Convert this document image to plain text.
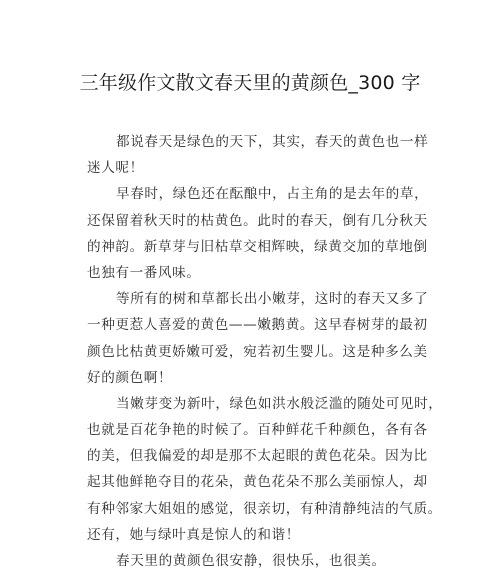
三年级作文散文春天里的黄颜色_300 字
都说春天是绿色的天下，其实，春天的黄色也一样
迷人呢！
早春时，绿色还在酝酿中，占主角的是去年的草，
还保留着秋天时的枯黄色。此时的春天，倒有几分秋天
的神韵。新草芽与旧枯草交相辉映，绿黄交加的草地倒
也独有一番风味。
等所有的树和草都长出小嫩芽，这时的春天又多了
一种更惹人喜爱的黄色——嫩鹅黄。这早春树芽的最初
颜色比枯黄更娇嫩可爱，宛若初生婴儿。这是种多么美
好的颜色啊！
当嫩芽变为新叶，绿色如洪水般泛滥的随处可见时，
也就是百花争艳的时候了。百种鲜花千种颜色，各有各
的美，但我偏爱的却是那不太起眼的黄色花朵。因为比
起其他鲜艳夺目的花朵，黄色花朵不那么美丽惊人，却
有种邻家大姐姐的感觉，很亲切，有种清静纯洁的气质。
还有，她与绿叶真是惊人的和谐！
春天里的黄颜色很安静，很快乐，也很美。
